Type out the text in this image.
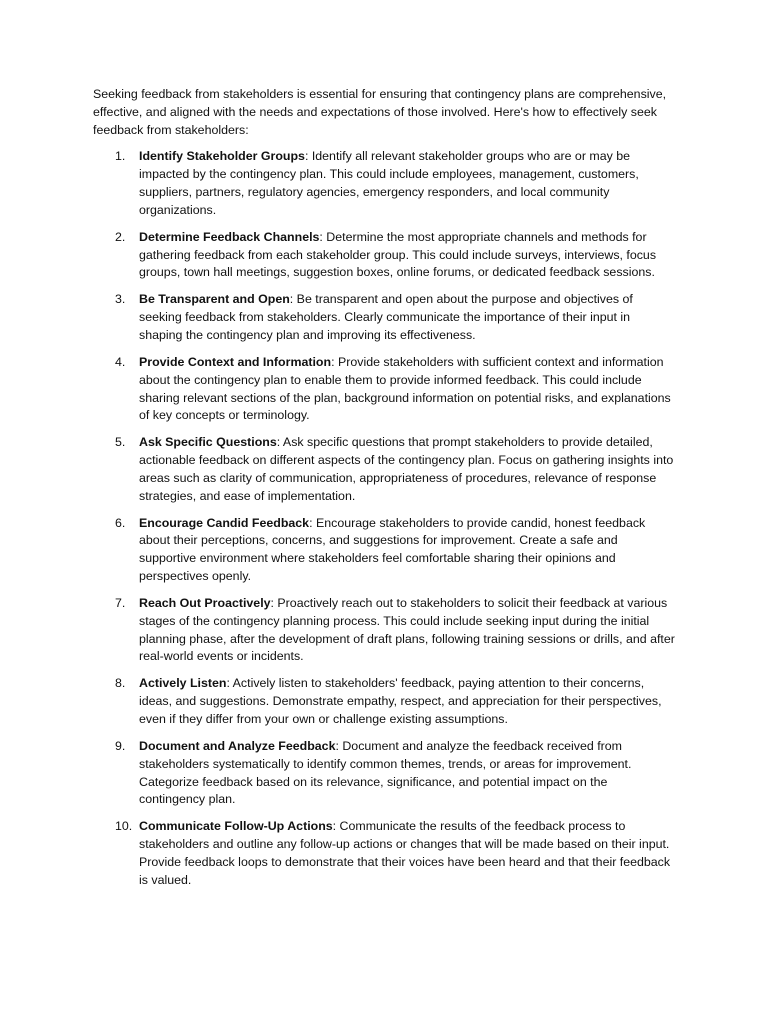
Seeking feedback from stakeholders is essential for ensuring that contingency plans are comprehensive, effective, and aligned with the needs and expectations of those involved. Here's how to effectively seek feedback from stakeholders:

1.	Identify Stakeholder Groups: Identify all relevant stakeholder groups who are or may be impacted by the contingency plan. This could include employees, management, customers, suppliers, partners, regulatory agencies, emergency responders, and local community organizations.
2.	Determine Feedback Channels: Determine the most appropriate channels and methods for gathering feedback from each stakeholder group. This could include surveys, interviews, focus groups, town hall meetings, suggestion boxes, online forums, or dedicated feedback sessions.
3.	Be Transparent and Open: Be transparent and open about the purpose and objectives of seeking feedback from stakeholders. Clearly communicate the importance of their input in shaping the contingency plan and improving its effectiveness.
4.	Provide Context and Information: Provide stakeholders with sufficient context and information about the contingency plan to enable them to provide informed feedback. This could include sharing relevant sections of the plan, background information on potential risks, and explanations of key concepts or terminology.
5.	Ask Specific Questions: Ask specific questions that prompt stakeholders to provide detailed, actionable feedback on different aspects of the contingency plan. Focus on gathering insights into areas such as clarity of communication, appropriateness of procedures, relevance of response strategies, and ease of implementation.
6.	Encourage Candid Feedback: Encourage stakeholders to provide candid, honest feedback about their perceptions, concerns, and suggestions for improvement. Create a safe and supportive environment where stakeholders feel comfortable sharing their opinions and perspectives openly.
7.	Reach Out Proactively: Proactively reach out to stakeholders to solicit their feedback at various stages of the contingency planning process. This could include seeking input during the initial planning phase, after the development of draft plans, following training sessions or drills, and after real-world events or incidents.
8.	Actively Listen: Actively listen to stakeholders' feedback, paying attention to their concerns, ideas, and suggestions. Demonstrate empathy, respect, and appreciation for their perspectives, even if they differ from your own or challenge existing assumptions.
9.	Document and Analyze Feedback: Document and analyze the feedback received from stakeholders systematically to identify common themes, trends, or areas for improvement. Categorize feedback based on its relevance, significance, and potential impact on the contingency plan.
10. Communicate Follow-Up Actions: Communicate the results of the feedback process to stakeholders and outline any follow-up actions or changes that will be made based on their input. Provide feedback loops to demonstrate that their voices have been heard and that their feedback is valued.
